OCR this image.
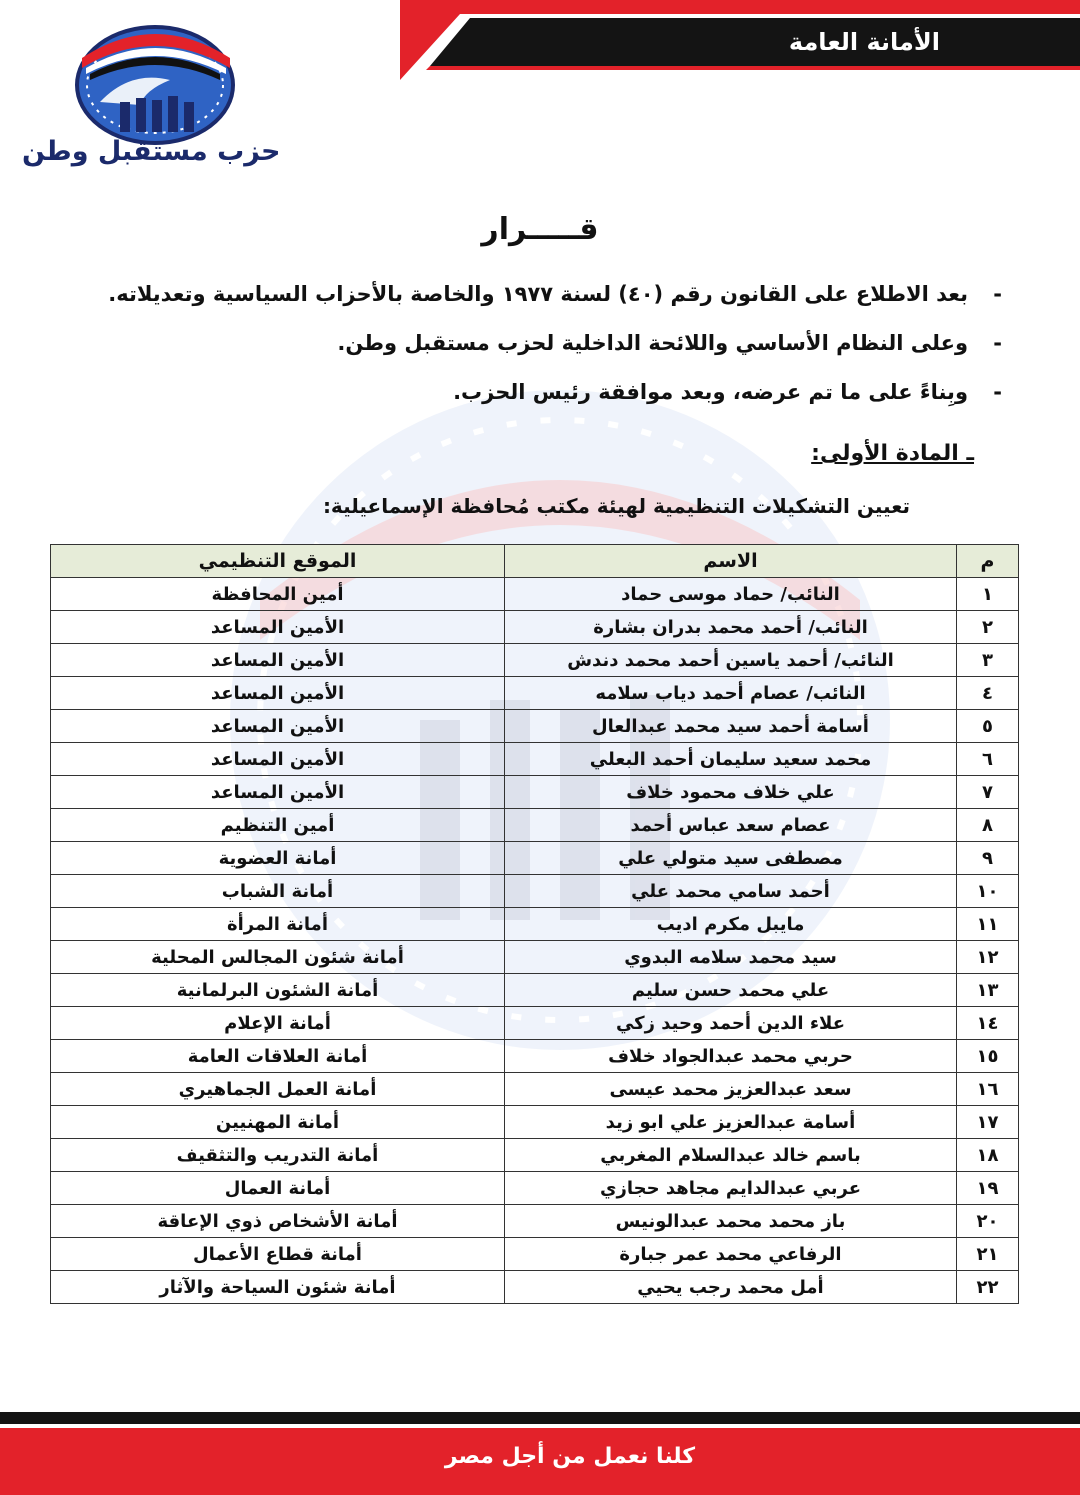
الأمانة العامة
حزب مستقبل وطن
قـــــرار
-بعد الاطلاع على القانون رقم (٤٠) لسنة ١٩٧٧ والخاصة بالأحزاب السياسية وتعديلاته.
-وعلى النظام الأساسي واللائحة الداخلية لحزب مستقبل وطن.
-وبِناءً على ما تم عرضه، وبعد موافقة رئيس الحزب.
ـ المادة الأولى:
تعيين التشكيلات التنظيمية لهيئة مكتب مُحافظة الإسماعيلية:
م	الاسم	الموقع التنظيمي
١	النائب/ حماد موسى حماد	أمين المحافظة
٢	النائب/ أحمد محمد بدران بشارة	الأمين المساعد
٣	النائب/ أحمد ياسين أحمد محمد دندش	الأمين المساعد
٤	النائب/ عصام أحمد دياب سلامه	الأمين المساعد
٥	أسامة أحمد سيد محمد عبدالعال	الأمين المساعد
٦	محمد سعيد سليمان أحمد البعلي	الأمين المساعد
٧	علي خلاف محمود خلاف	الأمين المساعد
٨	عصام سعد عباس أحمد	أمين التنظيم
٩	مصطفى سيد متولي علي	أمانة العضوية
١٠	أحمد سامي محمد علي	أمانة الشباب
١١	مايبل مكرم اديب	أمانة المرأة
١٢	سيد محمد سلامه البدوي	أمانة شئون المجالس المحلية
١٣	علي محمد حسن سليم	أمانة الشئون البرلمانية
١٤	علاء الدين أحمد وحيد زكي	أمانة الإعلام
١٥	حربي محمد عبدالجواد خلاف	أمانة العلاقات العامة
١٦	سعد عبدالعزيز محمد عيسى	أمانة العمل الجماهيري
١٧	أسامة عبدالعزيز علي ابو زيد	أمانة المهنيين
١٨	باسم خالد عبدالسلام المغربي	أمانة التدريب والتثقيف
١٩	عربي عبدالدايم مجاهد حجازي	أمانة العمال
٢٠	باز محمد محمد عبدالونيس	أمانة الأشخاص ذوي الإعاقة
٢١	الرفاعي محمد عمر جبارة	أمانة قطاع الأعمال
٢٢	أمل محمد رجب يحيي	أمانة شئون السياحة والآثار
كلنا نعمل من أجل مصر
